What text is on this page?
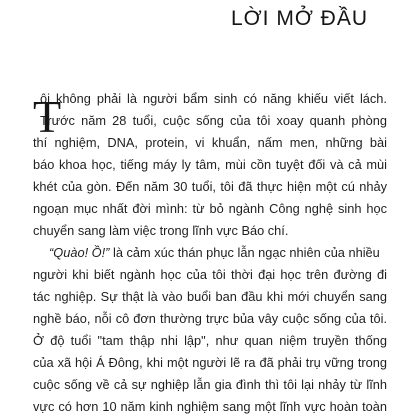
LỜI MỞ ĐẦU
T
ôi không phải là người bẩm sinh có năng khiếu viết lách.
Trước năm 28 tuổi, cuộc sống của tôi xoay quanh phòng
thí nghiệm, DNA, protein, vi khuẩn, nấm men, những bài
báo khoa học, tiếng máy ly tâm, mùi cồn tuyệt đối và cả mùi
khét của gòn. Đến năm 30 tuổi, tôi đã thực hiện một cú nhảy
ngoạn mục nhất đời mình: từ bỏ ngành Công nghệ sinh học
chuyển sang làm việc trong lĩnh vực Báo chí.
“Quào! Ồ!” là cảm xúc thán phục lẫn ngạc nhiên của nhiều
người khi biết ngành học của tôi thời đại học trên đường đi
tác nghiệp. Sự thật là vào buổi ban đầu khi mới chuyển sang
nghề báo, nỗi cô đơn thường trực bủa vây cuộc sống của tôi.
Ở độ tuổi "tam thập nhi lập", như quan niệm truyền thống
của xã hội Á Đông, khi một người lẽ ra đã phải trụ vững trong
cuộc sống về cả sự nghiệp lẫn gia đình thì tôi lại nhảy từ lĩnh
vực có hơn 10 năm kinh nghiệm sang một lĩnh vực hoàn toàn
